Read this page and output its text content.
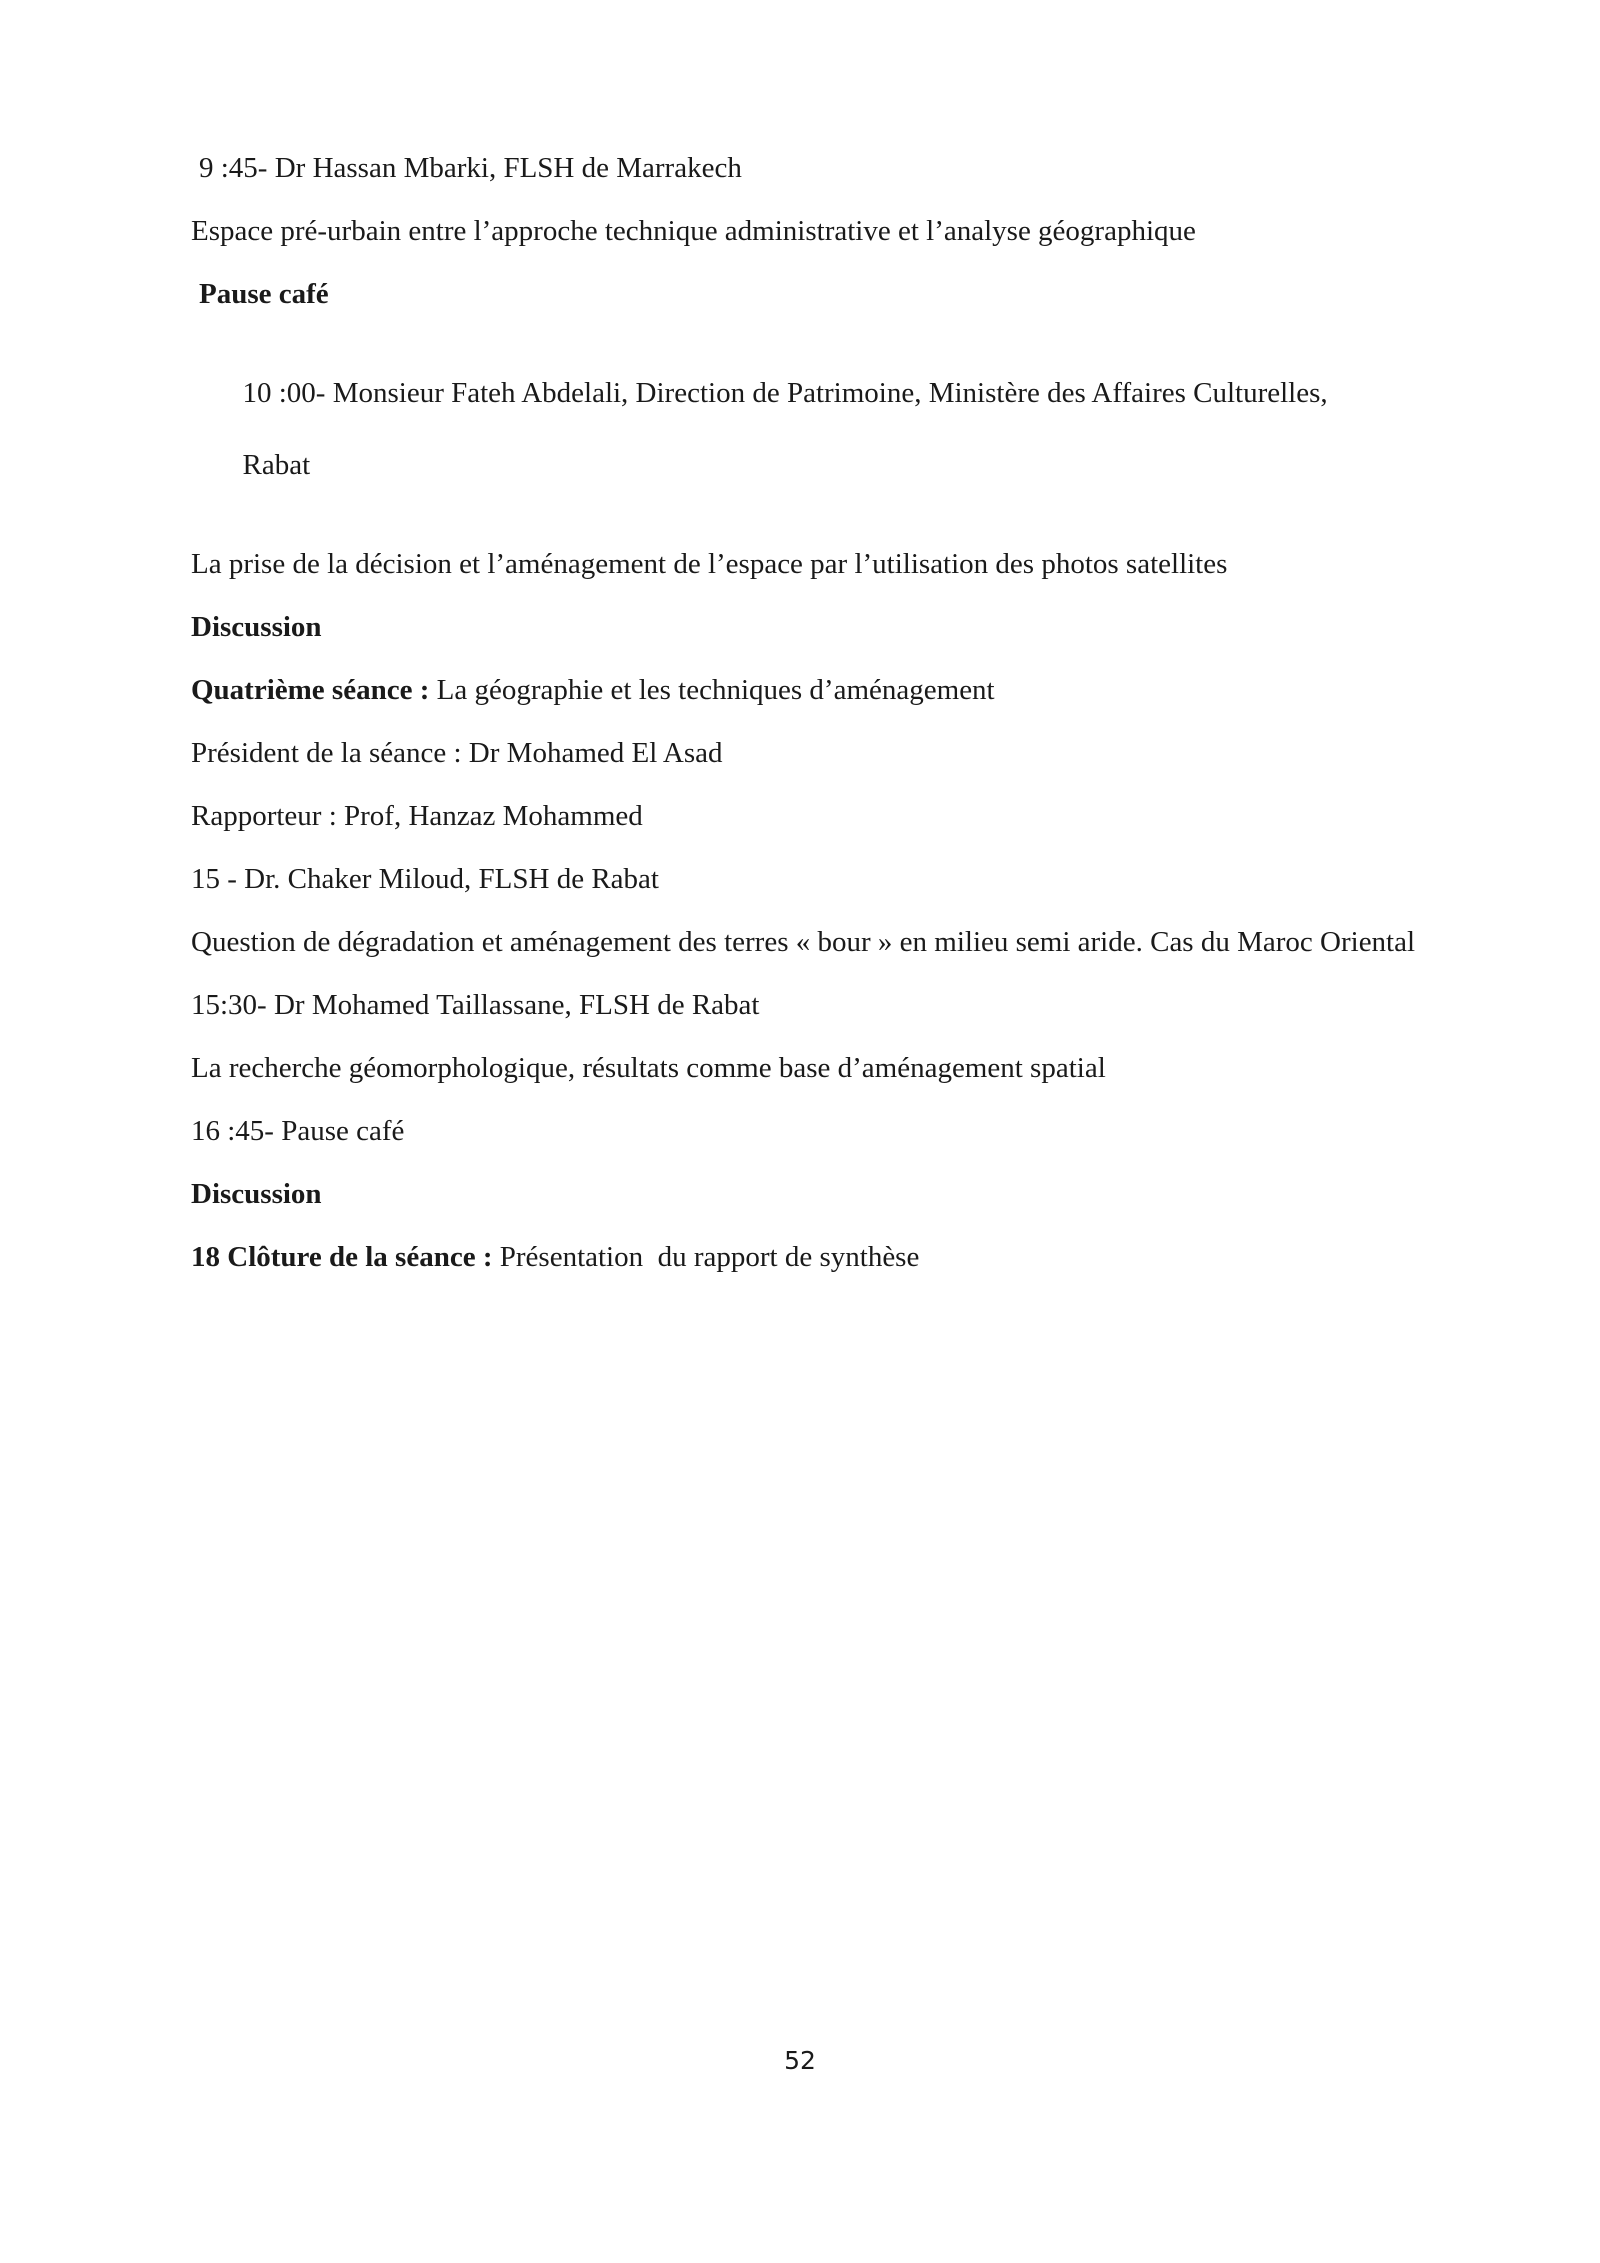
9 :45- Dr Hassan Mbarki, FLSH de Marrakech

Espace pré-urbain entre l’approche technique administrative et l’analyse géographique

Pause café

10 :00- Monsieur Fateh Abdelali, Direction de Patrimoine, Ministère des Affaires Culturelles,

Rabat

La prise de la décision et l’aménagement de l’espace par l’utilisation des photos satellites

Discussion

Quatrième séance : La géographie et les techniques d’aménagement

Président de la séance : Dr Mohamed El Asad

Rapporteur : Prof, Hanzaz Mohammed

15 - Dr. Chaker Miloud, FLSH de Rabat

Question de dégradation et aménagement des terres « bour » en milieu semi aride. Cas du Maroc Oriental

15:30- Dr Mohamed Taillassane, FLSH de Rabat

La recherche géomorphologique, résultats comme base d’aménagement spatial

16 :45- Pause café

Discussion

18 Clôture de la séance : Présentation  du rapport de synthèse

52
